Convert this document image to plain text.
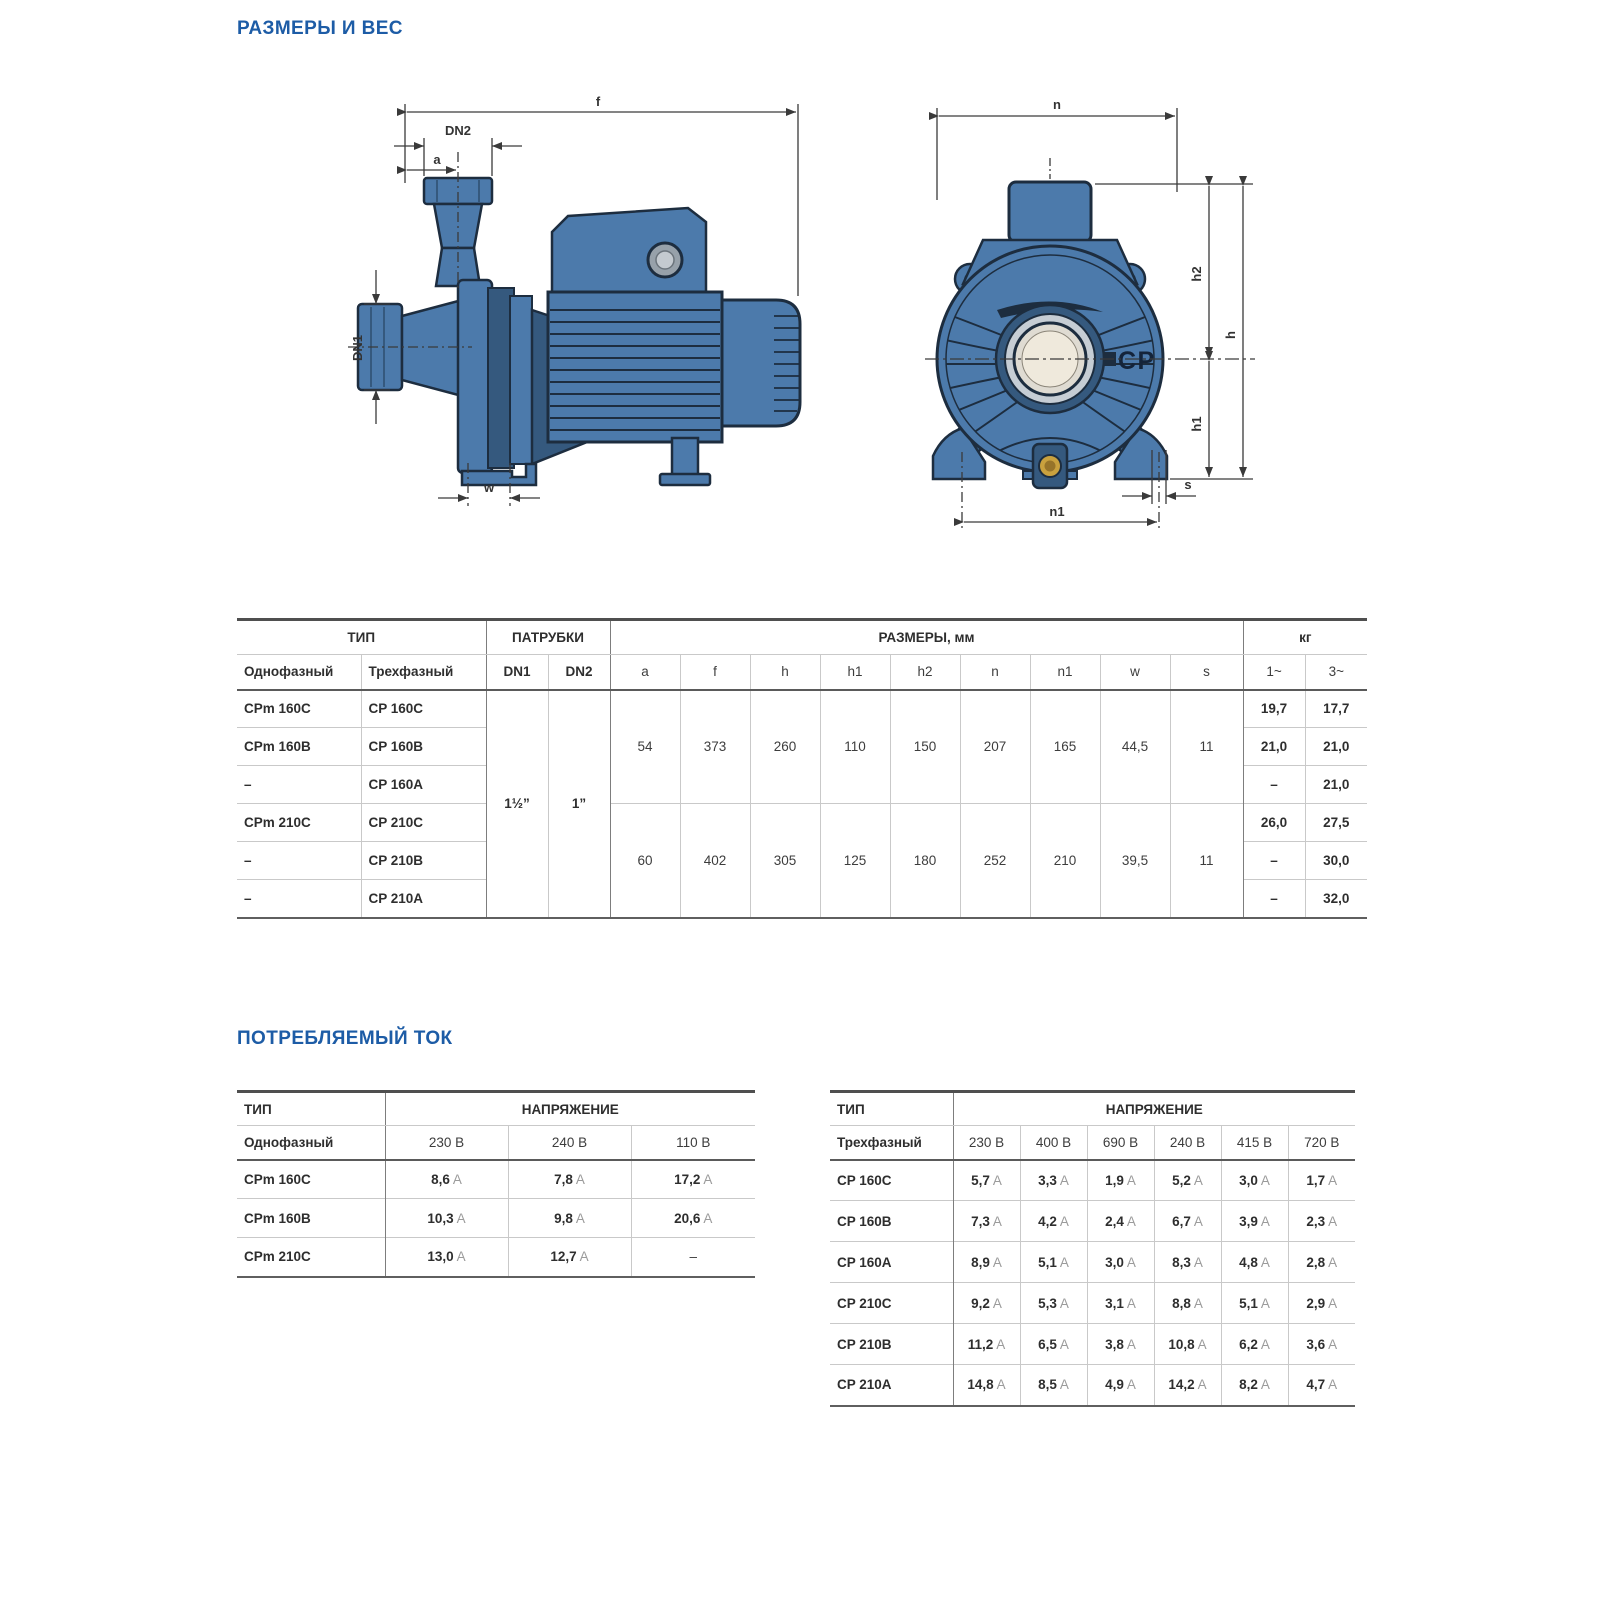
РАЗМЕРЫ И ВЕС
f
DN2
a
DN1
w
CP
n
h2
h1
h
s
n1
ТИП		ПАТРУБКИ		РАЗМЕРЫ, мм									кг	
Однофазный	Трехфазный	DN1	DN2	a	f	h	h1	h2	n	n1	w	s	1~	3~
CPm 160C	CP 160C	1½”	1”	54	373	260	110	150	207	165	44,5	11	19,7	17,7
CPm 160B	CP 160B												21,0	21,0
–	CP 160A												–	21,0
CPm 210C	CP 210C			60	402	305	125	180	252	210	39,5	11	26,0	27,5
–	CP 210B												–	30,0
–	CP 210A												–	32,0
ПОТРЕБЛЯЕМЫЙ ТОК
ТИП	НАПРЯЖЕНИЕ		
Однофазный	230 В	240 В	110 В
CPm 160C	8,6 A	7,8 A	17,2 A
CPm 160B	10,3 A	9,8 A	20,6 A
CPm 210C	13,0 A	12,7 A	–
ТИП	НАПРЯЖЕНИЕ					
Трехфазный	230 В	400 В	690 В	240 В	415 В	720 В
CP 160C	5,7 A	3,3 A	1,9 A	5,2 A	3,0 A	1,7 A
CP 160B	7,3 A	4,2 A	2,4 A	6,7 A	3,9 A	2,3 A
CP 160A	8,9 A	5,1 A	3,0 A	8,3 A	4,8 A	2,8 A
CP 210C	9,2 A	5,3 A	3,1 A	8,8 A	5,1 A	2,9 A
CP 210B	11,2 A	6,5 A	3,8 A	10,8 A	6,2 A	3,6 A
CP 210A	14,8 A	8,5 A	4,9 A	14,2 A	8,2 A	4,7 A
